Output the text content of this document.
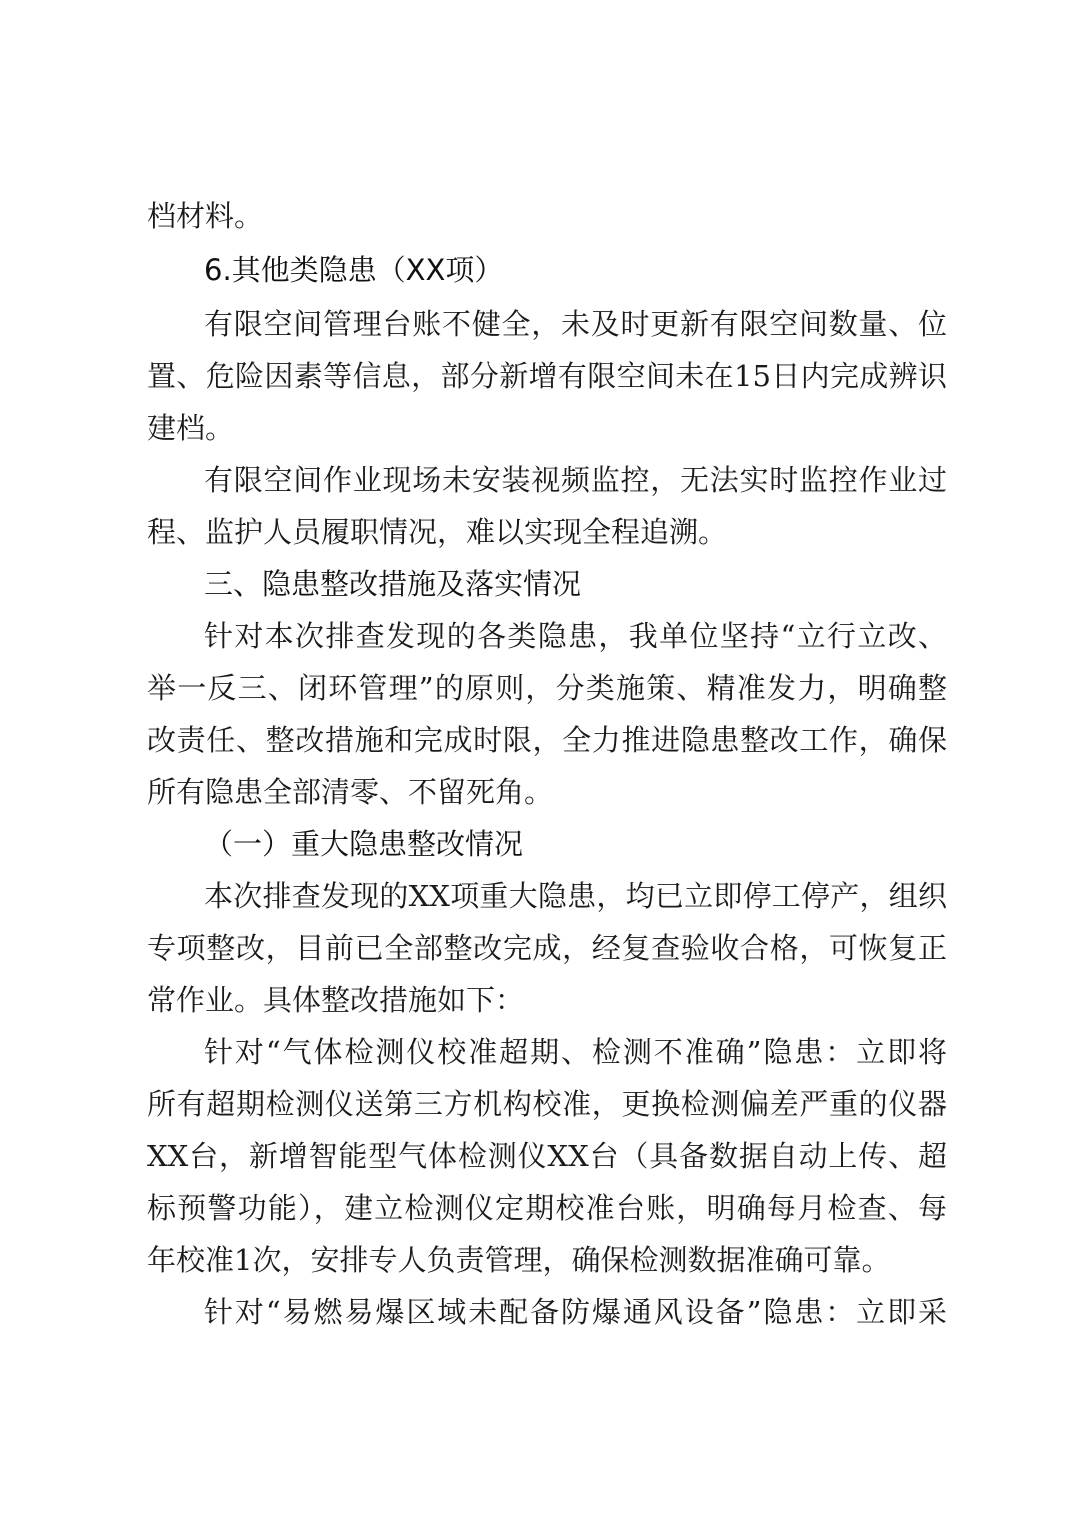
档材料。
6.其他类隐患（XX项）
有限空间管理台账不健全，未及时更新有限空间数量、位
置、危险因素等信息，部分新增有限空间未在15日内完成辨识
建档。
有限空间作业现场未安装视频监控，无法实时监控作业过
程、监护人员履职情况，难以实现全程追溯。
三、隐患整改措施及落实情况
针对本次排查发现的各类隐患，我单位坚持“立行立改、
举一反三、闭环管理”的原则，分类施策、精准发力，明确整
改责任、整改措施和完成时限，全力推进隐患整改工作，确保
所有隐患全部清零、不留死角。
（一）重大隐患整改情况
本次排查发现的XX项重大隐患，均已立即停工停产，组织
专项整改，目前已全部整改完成，经复查验收合格，可恢复正
常作业。具体整改措施如下：
针对“气体检测仪校准超期、检测不准确”隐患：立即将
所有超期检测仪送第三方机构校准，更换检测偏差严重的仪器
XX台，新增智能型气体检测仪XX台（具备数据自动上传、超
标预警功能），建立检测仪定期校准台账，明确每月检查、每
年校准1次，安排专人负责管理，确保检测数据准确可靠。
针对“易燃易爆区域未配备防爆通风设备”隐患：立即采
